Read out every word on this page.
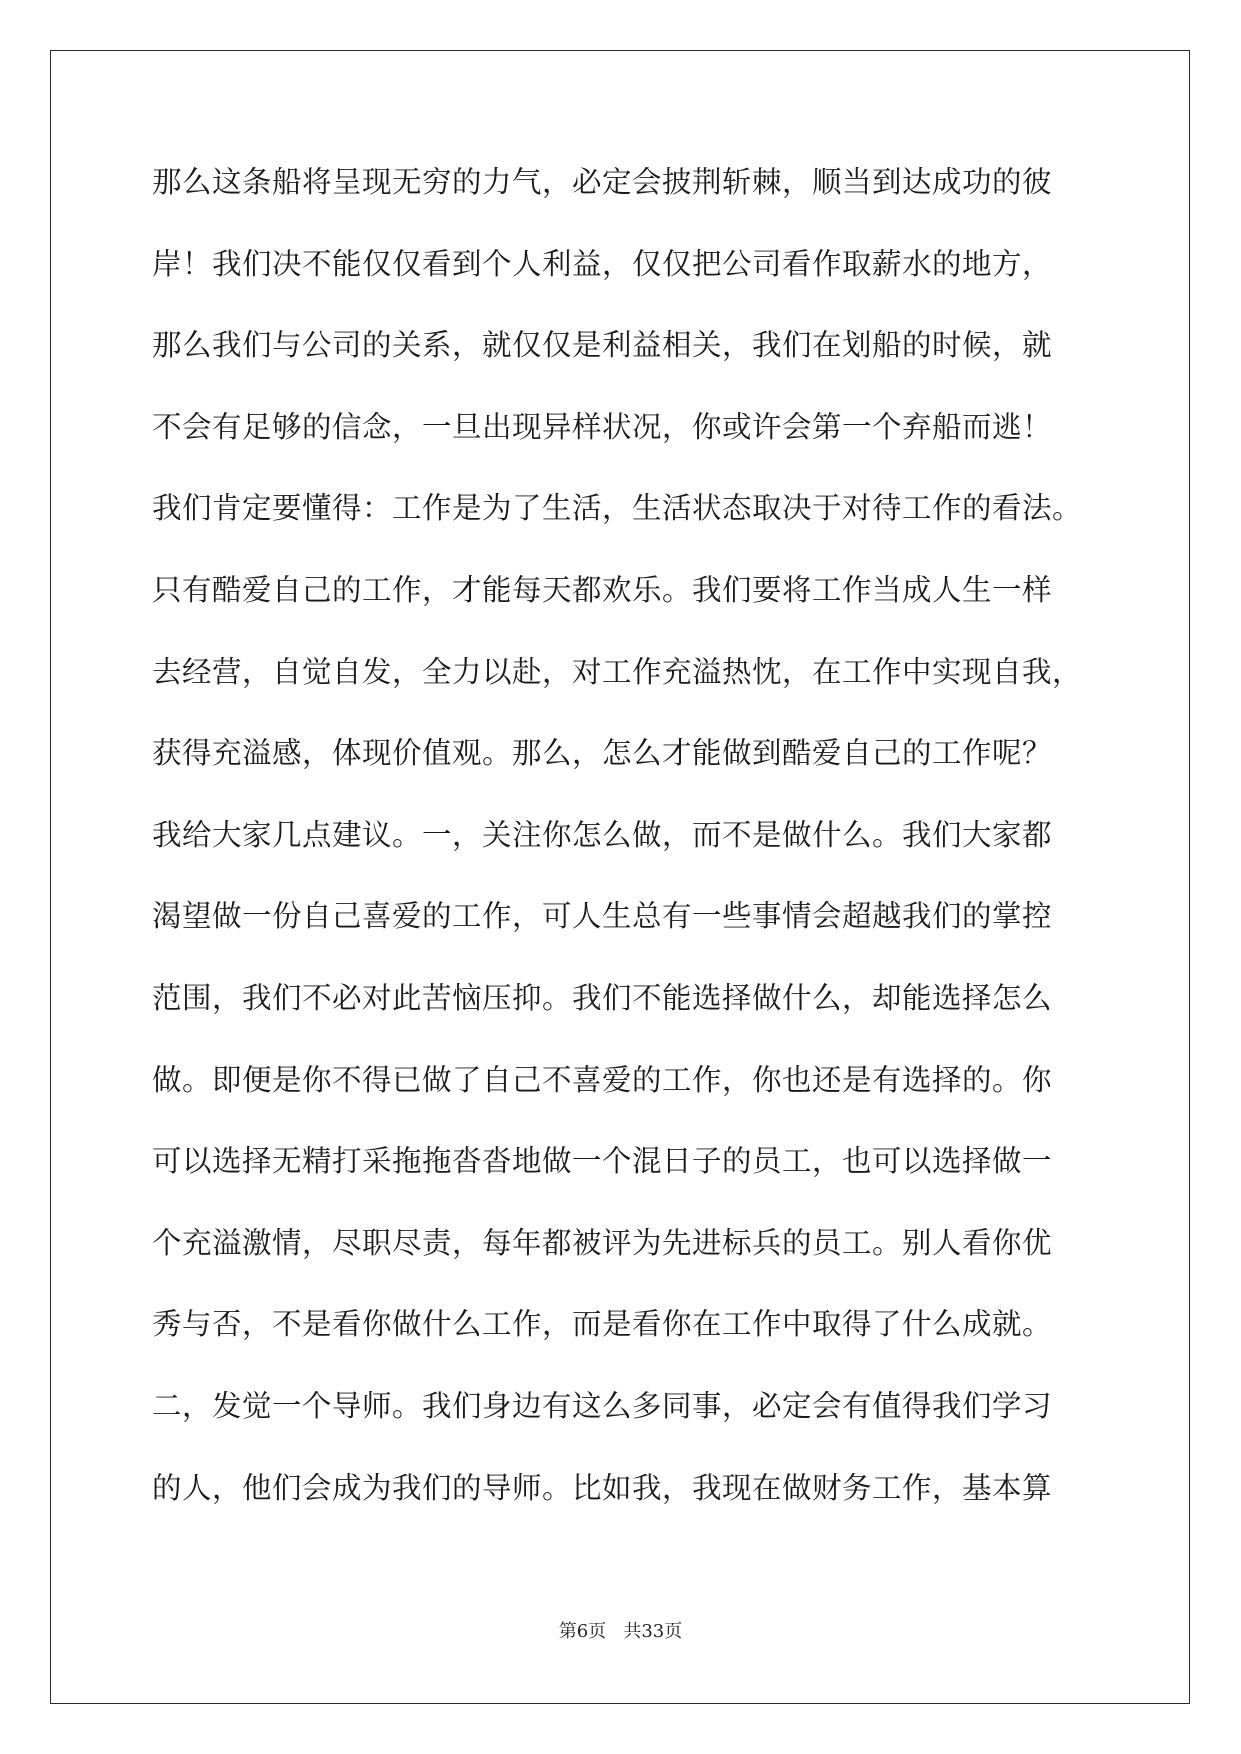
那么这条船将呈现无穷的力气，必定会披荆斩棘，顺当到达成功的彼
岸！我们决不能仅仅看到个人利益，仅仅把公司看作取薪水的地方，
那么我们与公司的关系，就仅仅是利益相关，我们在划船的时候，就
不会有足够的信念，一旦出现异样状况，你或许会第一个弃船而逃！
我们肯定要懂得：工作是为了生活，生活状态取决于对待工作的看法。
只有酷爱自己的工作，才能每天都欢乐。我们要将工作当成人生一样
去经营，自觉自发，全力以赴，对工作充溢热忱，在工作中实现自我，
获得充溢感，体现价值观。那么，怎么才能做到酷爱自己的工作呢？
我给大家几点建议。一，关注你怎么做，而不是做什么。我们大家都
渴望做一份自己喜爱的工作，可人生总有一些事情会超越我们的掌控
范围，我们不必对此苦恼压抑。我们不能选择做什么，却能选择怎么
做。即便是你不得已做了自己不喜爱的工作，你也还是有选择的。你
可以选择无精打采拖拖沓沓地做一个混日子的员工，也可以选择做一
个充溢激情，尽职尽责，每年都被评为先进标兵的员工。别人看你优
秀与否，不是看你做什么工作，而是看你在工作中取得了什么成就。
二，发觉一个导师。我们身边有这么多同事，必定会有值得我们学习
的人，他们会成为我们的导师。比如我，我现在做财务工作，基本算
第6页   共33页
